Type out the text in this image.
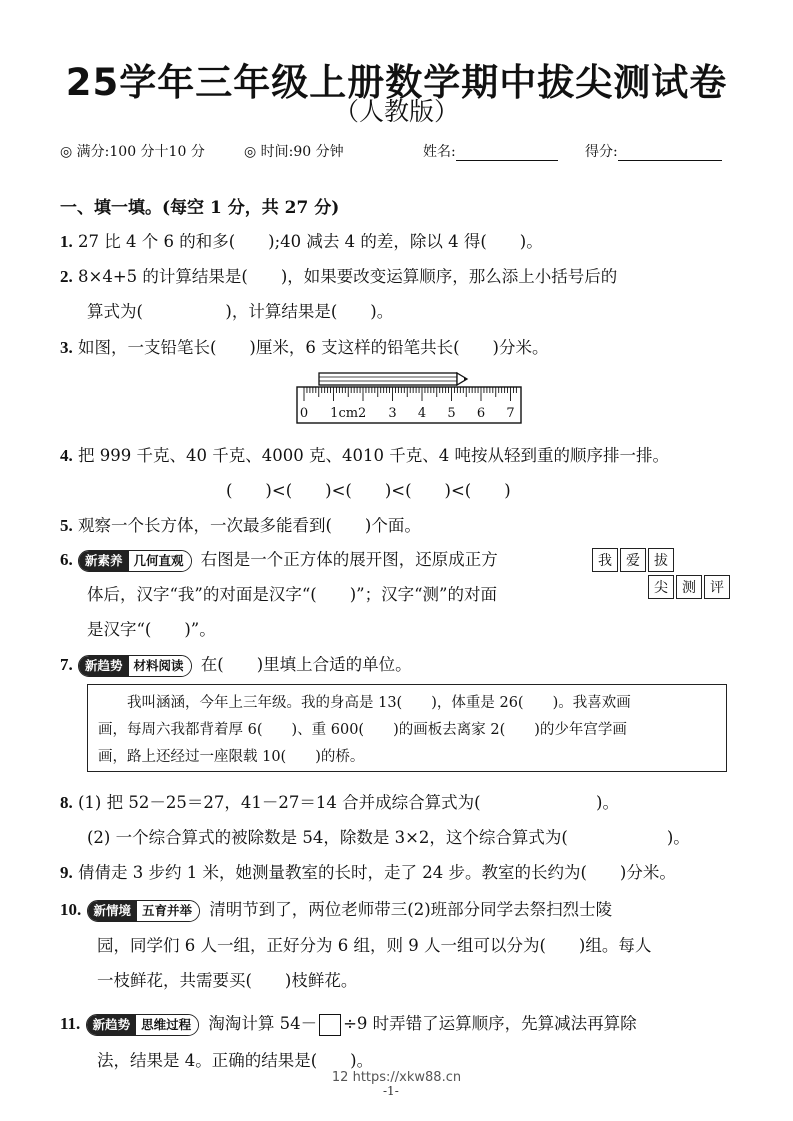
25学年三年级上册数学期中拔尖测试卷
（人教版）
◎ 满分:100 分十10 分	◎ 时间:90 分钟	姓名:	得分:
一、填一填。(每空 1 分，共 27 分)
1. 27 比 4 个 6 的和多(　　);40 减去 4 的差，除以 4 得(　　)。
2. 8×4+5 的计算结果是(　　)，如果要改变运算顺序，那么添上小括号后的
算式为(　　　　　)，计算结果是(　　)。
3. 如图，一支铅笔长(　　)厘米，6 支这样的铅笔共长(　　)分米。
0 1cm2 3 4 5 6 7
4. 把 999 千克、40 千克、4000 克、4010 千克、4 吨按从轻到重的顺序排一排。
(　　)<(　　)<(　　)<(　　)<(　　)
5. 观察一个长方体，一次最多能看到(　　)个面。
6. 新素养 几何直观	右图是一个正方体的展开图，还原成正方
体后，汉字“我”的对面是汉字“(　　)”；汉字“测”的对面
是汉字“(　　)”。
我	爱	拔
尖	测	评
7. 新趋势 材料阅读	在(　　)里填上合适的单位。
　　我叫涵涵，今年上三年级。我的身高是 13(　　)，体重是 26(　　)。我喜欢画
画，每周六我都背着厚 6(　　)、重 600(　　)的画板去离家 2(　　)的少年宫学画
画，路上还经过一座限载 10(　　)的桥。
8. (1) 把 52－25＝27，41－27＝14 合并成综合算式为(　　　　　　　)。
(2) 一个综合算式的被除数是 54，除数是 3×2，这个综合算式为(　　　　　　)。
9. 倩倩走 3 步约 1 米，她测量教室的长时，走了 24 步。教室的长约为(　　)分米。
10. 新情境 五育并举	清明节到了，两位老师带三(2)班部分同学去祭扫烈士陵
园，同学们 6 人一组，正好分为 6 组，则 9 人一组可以分为(　　)组。每人
一枝鲜花，共需要买(　　)枝鲜花。
11. 新趋势 思维过程	淘淘计算 54－ ÷9 时弄错了运算顺序，先算减法再算除
法，结果是 4。正确的结果是(　　)。
12 https://xkw88.cn
-1-
